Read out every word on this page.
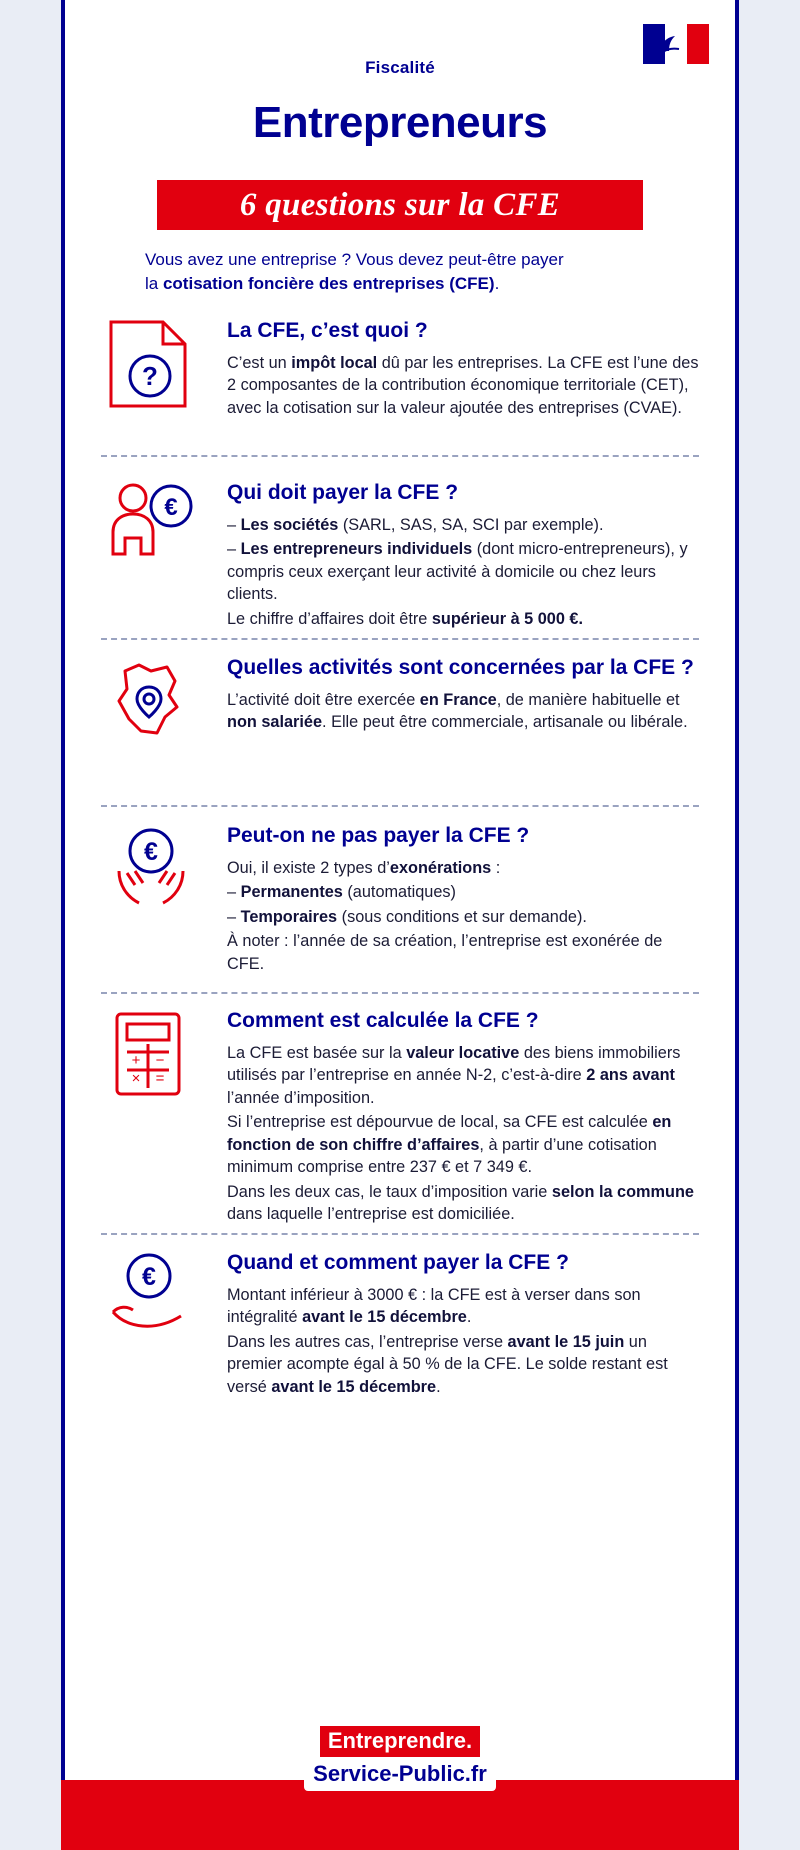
Fiscalité
Entrepreneurs
6 questions sur la CFE
Vous avez une entreprise ? Vous devez peut-être payer
la cotisation foncière des entreprises (CFE).
?
La CFE, c’est quoi ?

C’est un impôt local dû par les entreprises. La CFE est l’une des 2 composantes de la contribution économique territoriale (CET), avec la cotisation sur la valeur ajoutée des entreprises (CVAE).

€
Qui doit payer la CFE ?

– Les sociétés (SARL, SAS, SA, SCI par exemple).

– Les entrepreneurs individuels (dont micro-entrepreneurs), y compris ceux exerçant leur activité à domicile ou chez leurs clients.

Le chiffre d’affaires doit être supérieur à 5 000 €.

Quelles activités sont concernées par la CFE ?

L’activité doit être exercée en France, de manière habituelle et non salariée. Elle peut être commerciale, artisanale ou libérale.

€
Peut-on ne pas payer la CFE ?

Oui, il existe 2 types d’exonérations :

– Permanentes (automatiques)

– Temporaires (sous conditions et sur demande).

À noter : l’année de sa création, l’entreprise est exonérée de CFE.

+ −
× =
Comment est calculée la CFE ?

La CFE est basée sur la valeur locative des biens immobiliers utilisés par l’entreprise en année N-2, c’est-à-dire 2 ans avant l’année d’imposition.

Si l’entreprise est dépourvue de local, sa CFE est calculée en fonction de son chiffre d’affaires, à partir d’une cotisation minimum comprise entre 237 € et 7 349 €.

Dans les deux cas, le taux d’imposition varie selon la commune dans laquelle l’entreprise est domiciliée.

€
Quand et comment payer la CFE ?

Montant inférieur à 3000 € : la CFE est à verser dans son intégralité avant le 15 décembre.

Dans les autres cas, l’entreprise verse avant le 15 juin un premier acompte égal à 50 % de la CFE. Le solde restant est versé avant le 15 décembre.

Entreprendre.
Service-Public.fr
